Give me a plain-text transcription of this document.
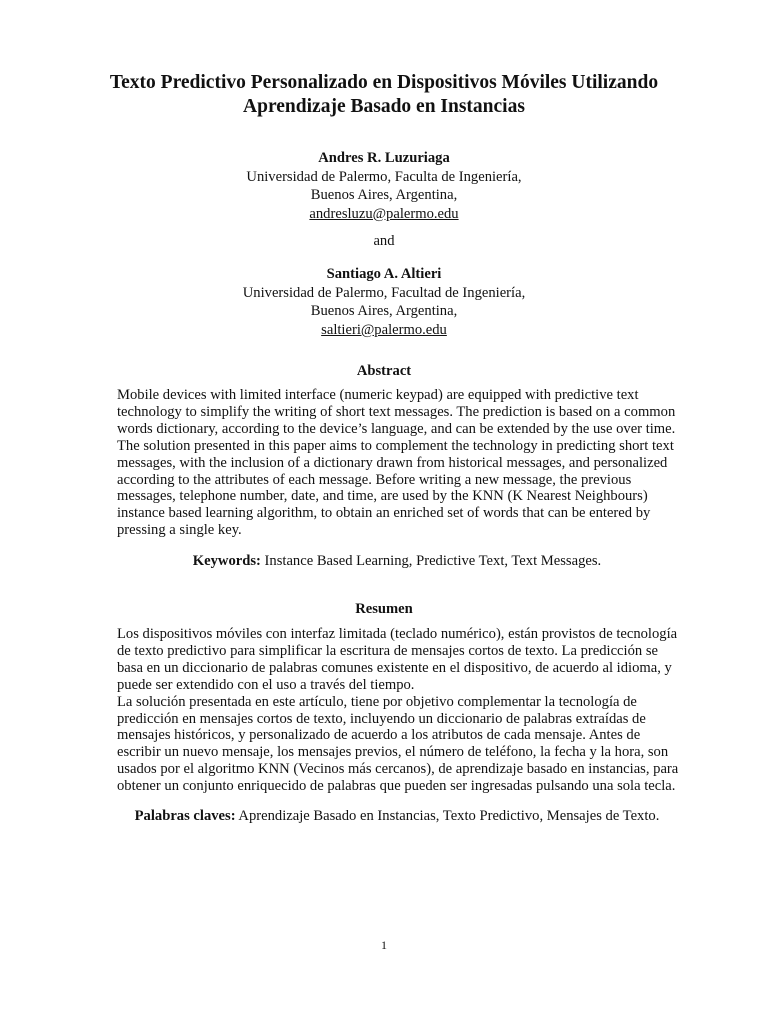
Texto Predictivo Personalizado en Dispositivos Móviles Utilizando
Aprendizaje Basado en Instancias
Andres R. Luzuriaga
Universidad de Palermo, Faculta de Ingeniería,
Buenos Aires, Argentina,
andresluzu@palermo.edu
and
Santiago A. Altieri
Universidad de Palermo, Facultad de Ingeniería,
Buenos Aires, Argentina,
saltieri@palermo.edu
Abstract
Mobile devices with limited interface (numeric keypad) are equipped with predictive text
technology to simplify the writing of short text messages. The prediction is based on a common
words dictionary, according to the device’s language, and can be extended by the use over time.
The solution presented in this paper aims to complement the technology in predicting short text
messages, with the inclusion of a dictionary drawn from historical messages, and personalized
according to the attributes of each message. Before writing a new message, the previous
messages, telephone number, date, and time, are used by the KNN (K Nearest Neighbours)
instance based learning algorithm, to obtain an enriched set of words that can be entered by
pressing a single key.
Keywords: Instance Based Learning, Predictive Text, Text Messages.
Resumen
Los dispositivos móviles con interfaz limitada (teclado numérico), están provistos de tecnología
de texto predictivo para simplificar la escritura de mensajes cortos de texto. La predicción se
basa en un diccionario de palabras comunes existente en el dispositivo, de acuerdo al idioma, y
puede ser extendido con el uso a través del tiempo.
La solución presentada en este artículo, tiene por objetivo complementar la tecnología de
predicción en mensajes cortos de texto, incluyendo un diccionario de palabras extraídas de
mensajes históricos, y personalizado de acuerdo a los atributos de cada mensaje. Antes de
escribir un nuevo mensaje, los mensajes previos, el número de teléfono, la fecha y la hora, son
usados por el algoritmo KNN (Vecinos más cercanos), de aprendizaje basado en instancias, para
obtener un conjunto enriquecido de palabras que pueden ser ingresadas pulsando una sola tecla.
Palabras claves: Aprendizaje Basado en Instancias, Texto Predictivo, Mensajes de Texto.
1
